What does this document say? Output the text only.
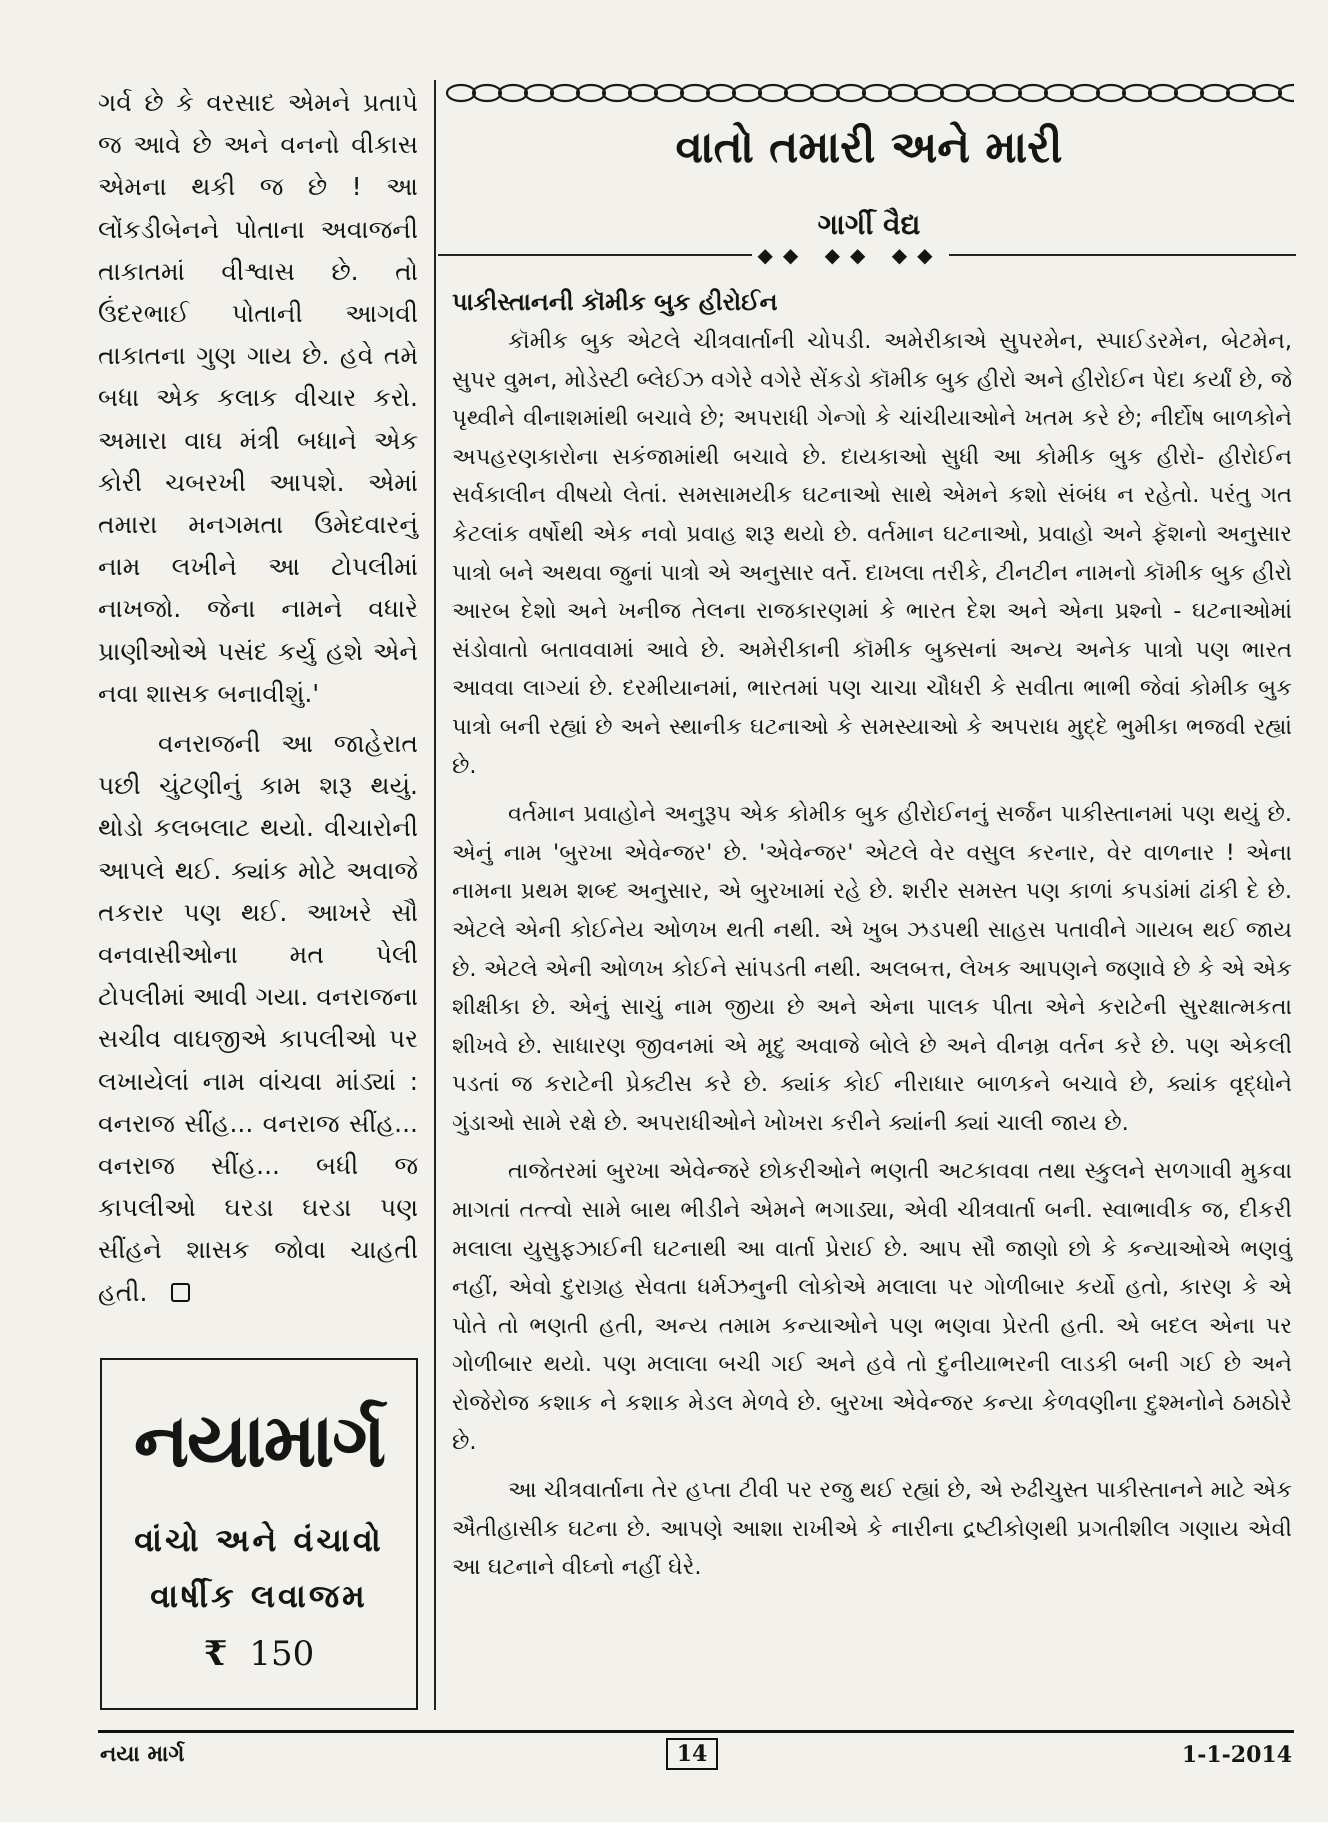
ગર્વ છે કે વરસાદ એમને પ્રતાપે જ આવે છે અને વનનો વીકાસ એમના થકી જ છે ! આ લોંકડીબેનને પોતાના અવાજની તાકાતમાં વીશ્વાસ છે. તો ઉંદરભાઈ પોતાની આગવી તાકાતના ગુણ ગાય છે. હવે તમે બધા એક કલાક વીચાર કરો. અમારા વાઘ મંત્રી બધાને એક કોરી ચબરખી આપશે. એમાં તમારા મનગમતા ઉમેદવારનું નામ લખીને આ ટોપલીમાં નાખજો. જેના નામને વધારે પ્રાણીઓએ પસંદ કર્યુ હશે એને નવા શાસક બનાવીશું.'

વનરાજની આ જાહેરાત પછી ચુંટણીનું કામ શરૂ થયું. થોડો કલબલાટ થયો. વીચારોની આપલે થઈ. ક્યાંક મોટે અવાજે તકરાર પણ થઈ. આખરે સૌ વનવાસીઓના મત પેલી ટોપલીમાં આવી ગયા. વનરાજના સચીવ વાઘજીએ કાપલીઓ પર લખાયેલાં નામ વાંચવા માંડ્યાં : વનરાજ સીંહ... વનરાજ સીંહ... વનરાજ સીંહ... બધી જ કાપલીઓ ઘરડા ઘરડા પણ સીંહને શાસક જોવા ચાહતી હતી.

નયામાર્ગ
વાંચો અને વંચાવો
વાર્ષીક લવાજમ
₹ 150
વાતો તમારી અને મારી
ગાર્ગી વૈદ્ય
◆◆ ◆◆ ◆◆
પાકીસ્તાનની કૉમીક બુક હીરોઈન

કૉમીક બુક એટલે ચીત્રવાર્તાની ચોપડી. અમેરીકાએ સુપરમેન, સ્પાઈડરમેન, બેટમેન, સુપર વુમન, મોડેસ્ટી બ્લેઈઝ વગેરે વગેરે સેંકડો કૉમીક બુક હીરો અને હીરોઈન પેદા કર્યાં છે, જે પૃથ્વીને વીનાશમાંથી બચાવે છે; અપરાધી ગેન્ગો કે ચાંચીયાઓને ખતમ કરે છે; નીર્દોષ બાળકોને અપહરણકારોના સકંજામાંથી બચાવે છે. દાયકાઓ સુધી આ કોમીક બુક હીરો- હીરોઈન સર્વકાલીન વીષયો લેતાં. સમસામયીક ઘટનાઓ સાથે એમને કશો સંબંધ ન રહેતો. પરંતુ ગત કેટલાંક વર્ષોથી એક નવો પ્રવાહ શરૂ થયો છે. વર્તમાન ઘટનાઓ, પ્રવાહો અને ફૅશનો અનુસાર પાત્રો બને અથવા જુનાં પાત્રો એ અનુસાર વર્તે. દાખલા તરીકે, ટીનટીન નામનો કૉમીક બુક હીરો આરબ દેશો અને ખનીજ તેલના રાજકારણમાં કે ભારત દેશ અને એના પ્રશ્નો - ઘટનાઓમાં સંડોવાતો બતાવવામાં આવે છે. અમેરીકાની કૉમીક બુક્સનાં અન્ય અનેક પાત્રો પણ ભારત આવવા લાગ્યાં છે. દરમીયાનમાં, ભારતમાં પણ ચાચા ચૌધરી કે સવીતા ભાભી જેવાં કોમીક બુક પાત્રો બની રહ્યાં છે અને સ્થાનીક ઘટનાઓ કે સમસ્યાઓ કે અપરાધ મુદ્દે ભુમીકા ભજવી રહ્યાં છે.

વર્તમાન પ્રવાહોને અનુરૂપ એક કોમીક બુક હીરોઈનનું સર્જન પાકીસ્તાનમાં પણ થયું છે. એનું નામ 'બુરખા એવેન્જર' છે. 'એવેન્જર' એટલે વેર વસુલ કરનાર, વેર વાળનાર ! એના નામના પ્રથમ શબ્દ અનુસાર, એ બુરખામાં રહે છે. શરીર સમસ્ત પણ કાળાં કપડાંમાં ઢાંકી દે છે. એટલે એની કોઈનેય ઓળખ થતી નથી. એ ખુબ ઝડપથી સાહસ પતાવીને ગાયબ થઈ જાય છે. એટલે એની ઓળખ કોઈને સાંપડતી નથી. અલબત્ત, લેખક આપણને જણાવે છે કે એ એક શીક્ષીકા છે. એનું સાચું નામ જીયા છે અને એના પાલક પીતા એને કરાટેની સુરક્ષાત્મકતા શીખવે છે. સાધારણ જીવનમાં એ મૃદુ અવાજે બોલે છે અને વીનમ્ર વર્તન કરે છે. પણ એકલી પડતાં જ કરાટેની પ્રેક્ટીસ કરે છે. ક્યાંક કોઈ નીરાધાર બાળકને બચાવે છે, ક્યાંક વૃદ્ધોને ગુંડાઓ સામે રક્ષે છે. અપરાધીઓને ખોખરા કરીને ક્યાંની ક્યાં ચાલી જાય છે.

તાજેતરમાં બુરખા એવેન્જરે છોકરીઓને ભણતી અટકાવવા તથા સ્કુલને સળગાવી મુકવા માગતાં તત્ત્વો સામે બાથ ભીડીને એમને ભગાડ્યા, એવી ચીત્રવાર્તા બની. સ્વાભાવીક જ, દીકરી મલાલા યુસુફઝાઈની ઘટનાથી આ વાર્તા પ્રેરાઈ છે. આપ સૌ જાણો છો કે કન્યાઓએ ભણવું નહીં, એવો દુરાગ્રહ સેવતા ધર્મઝનુની લોકોએ મલાલા પર ગોળીબાર કર્યો હતો, કારણ કે એ પોતે તો ભણતી હતી, અન્ય તમામ કન્યાઓને પણ ભણવા પ્રેરતી હતી. એ બદલ એના પર ગોળીબાર થયો. પણ મલાલા બચી ગઈ અને હવે તો દુનીયાભરની લાડકી બની ગઈ છે અને રોજેરોજ કશાક ને કશાક મેડલ મેળવે છે. બુરખા એવેન્જર કન્યા કેળવણીના દુશ્મનોને ઠમઠોરે છે.

આ ચીત્રવાર્તાના તેર હપ્તા ટીવી પર રજુ થઈ રહ્યાં છે, એ રુઢીચુસ્ત પાકીસ્તાનને માટે એક ઐતીહાસીક ઘટના છે. આપણે આશા રાખીએ કે નારીના દ્રષ્ટીકોણથી પ્રગતીશીલ ગણાય એવી આ ઘટનાને વીઘ્નો નહીં ઘેરે.

નયા માર્ગ	14	1-1-2014
